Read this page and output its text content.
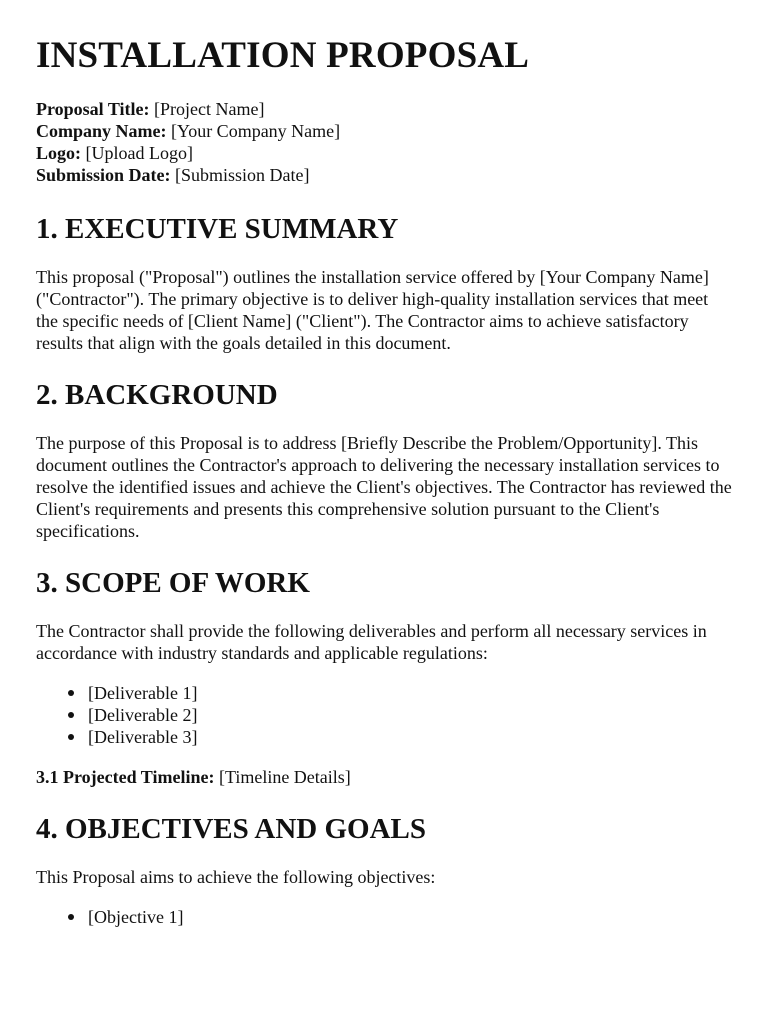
INSTALLATION PROPOSAL
Proposal Title: [Project Name]
Company Name: [Your Company Name]
Logo: [Upload Logo]
Submission Date: [Submission Date]
1. EXECUTIVE SUMMARY

This proposal ("Proposal") outlines the installation service offered by [Your Company Name] ("Contractor"). The primary objective is to deliver high-quality installation services that meet the specific needs of [Client Name] ("Client"). The Contractor aims to achieve satisfactory results that align with the goals detailed in this document.

2. BACKGROUND

The purpose of this Proposal is to address [Briefly Describe the Problem/Opportunity]. This document outlines the Contractor's approach to delivering the necessary installation services to resolve the identified issues and achieve the Client's objectives. The Contractor has reviewed the Client's requirements and presents this comprehensive solution pursuant to the Client's specifications.

3. SCOPE OF WORK

The Contractor shall provide the following deliverables and perform all necessary services in accordance with industry standards and applicable regulations:

[Deliverable 1]
[Deliverable 2]
[Deliverable 3]

3.1 Projected Timeline: [Timeline Details]

4. OBJECTIVES AND GOALS

This Proposal aims to achieve the following objectives:

[Objective 1]
